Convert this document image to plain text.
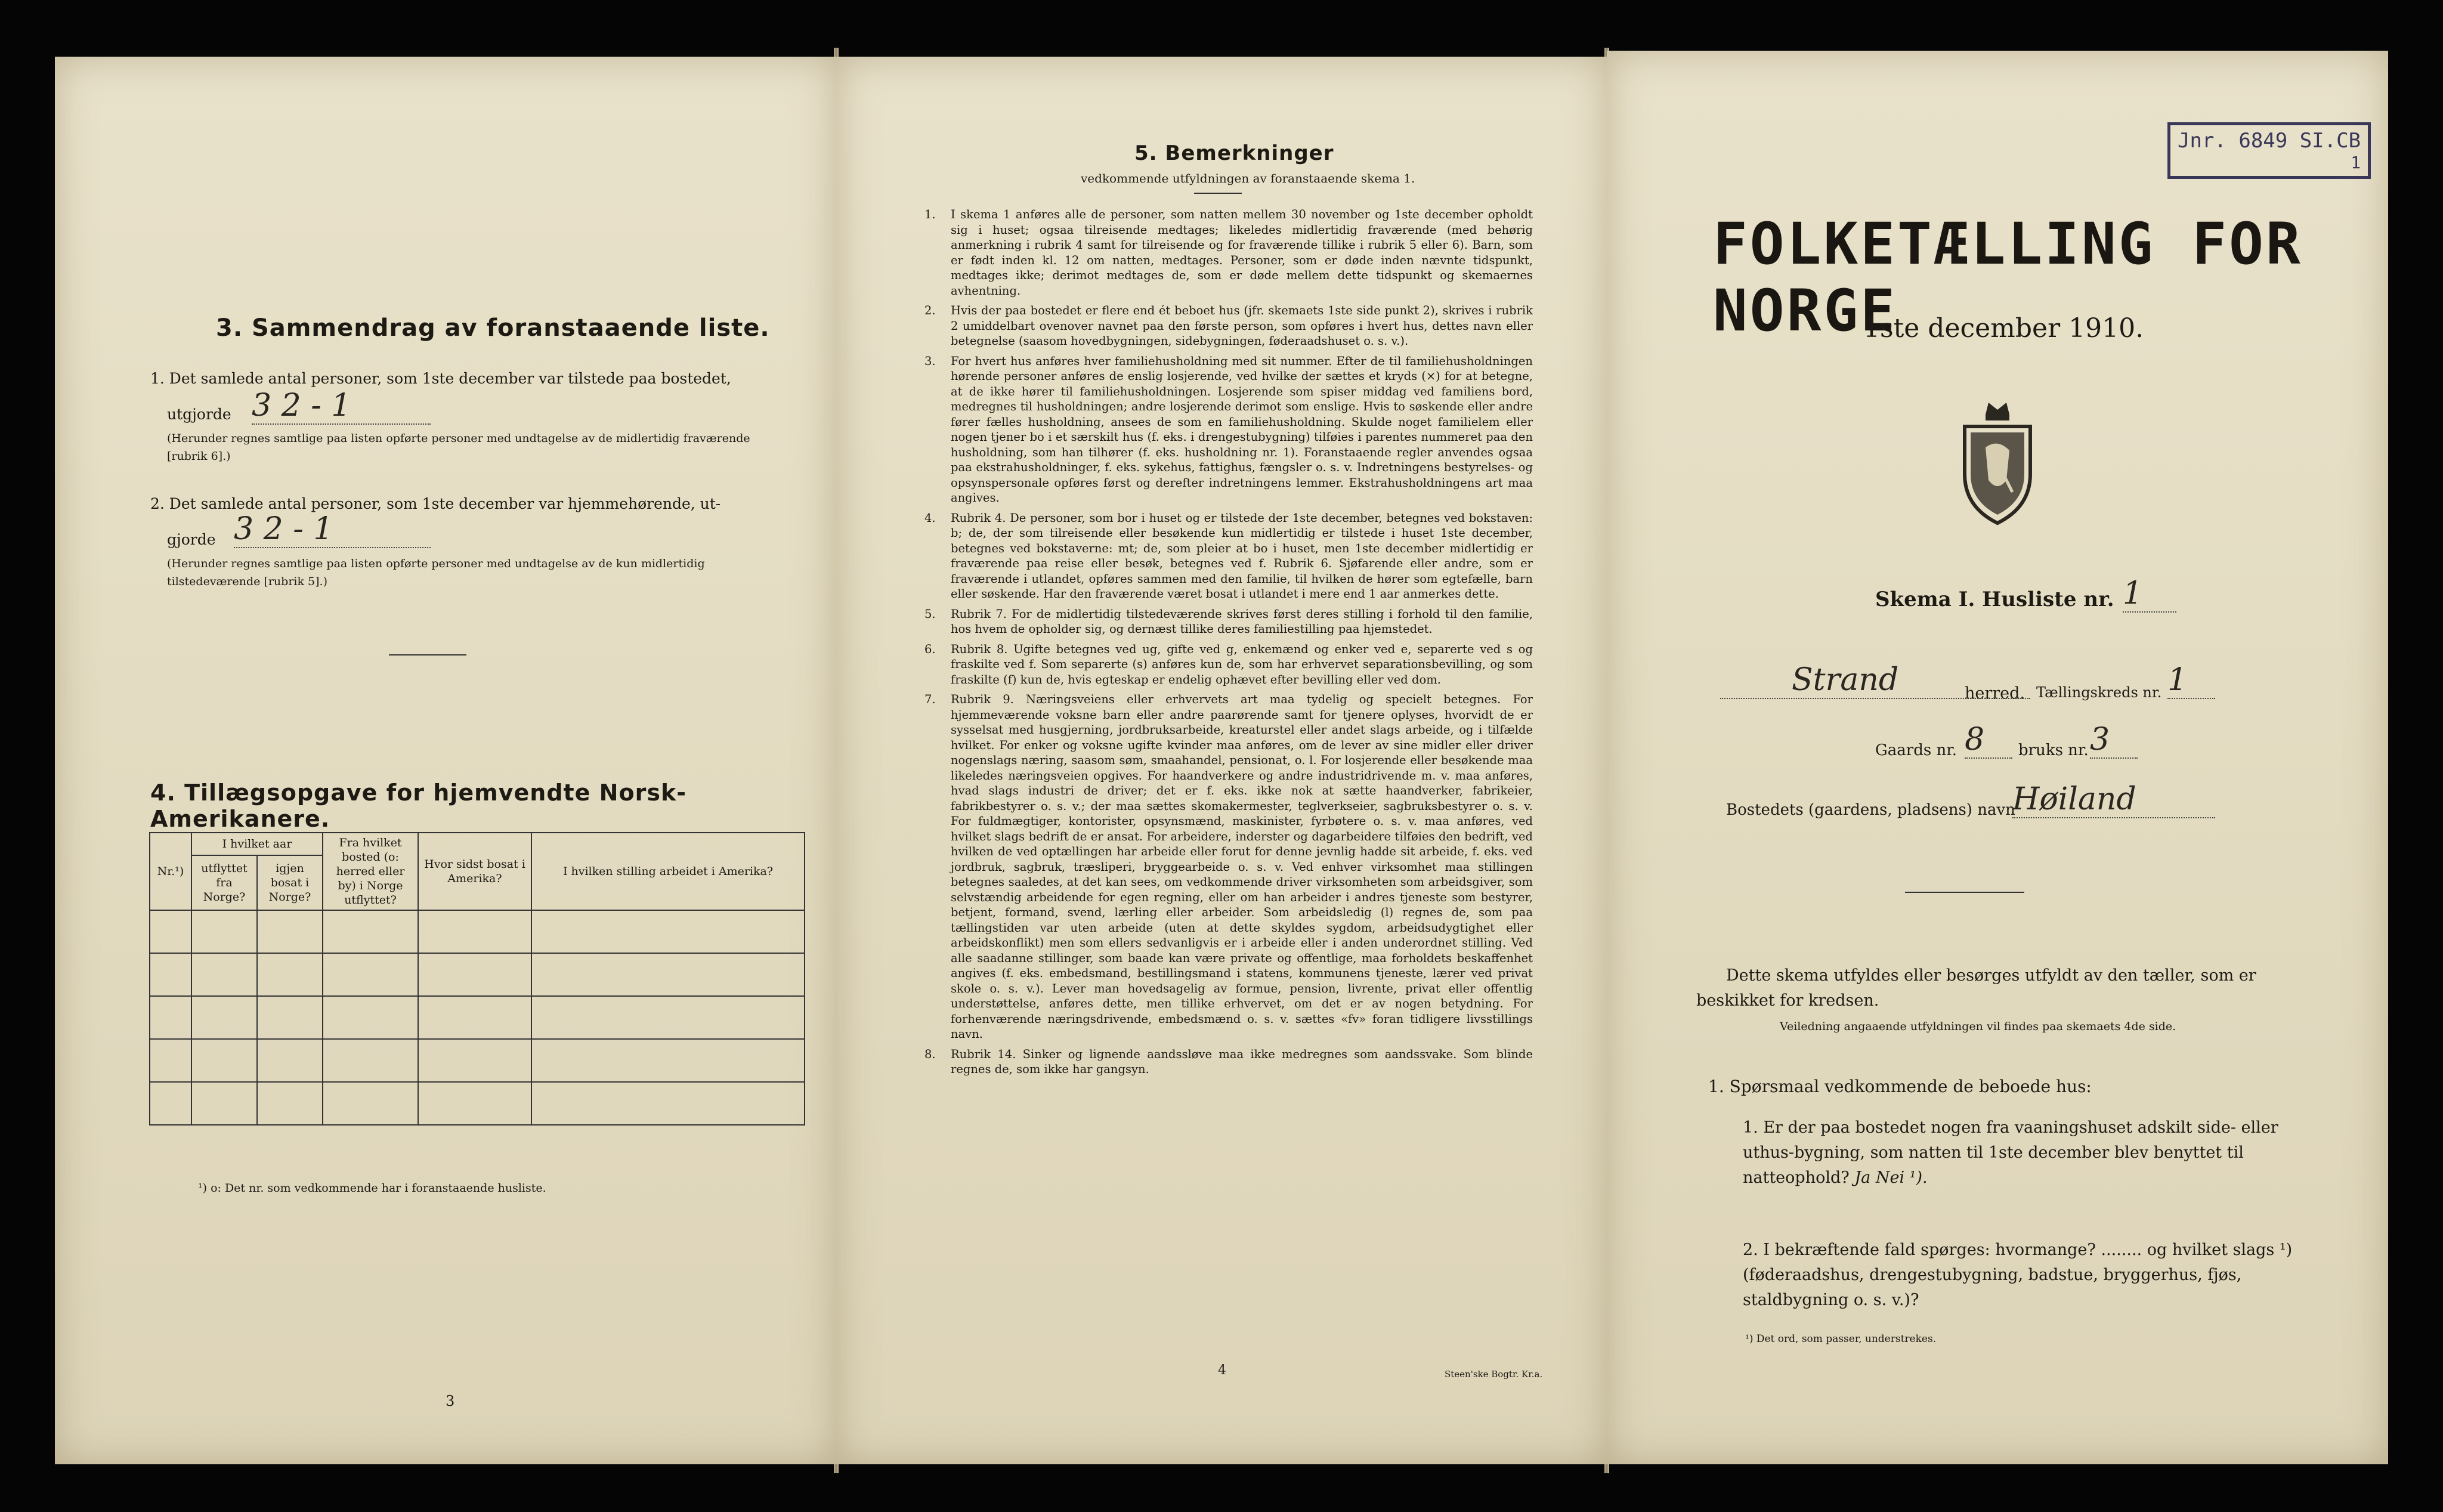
3. Sammendrag av foranstaaende liste.
1. Det samlede antal personer, som 1ste december var tilstede paa bostedet,
utgjorde 3 2 - 1
(Herunder regnes samtlige paa listen opførte personer med undtagelse av de midlertidig fraværende [rubrik 6].)
2. Det samlede antal personer, som 1ste december var hjemmehørende, ut-
gjorde 3 2 - 1
(Herunder regnes samtlige paa listen opførte personer med undtagelse av de kun midlertidig tilstedeværende [rubrik 5].)
4. Tillægsopgave for hjemvendte Norsk-Amerikanere.
Nr.¹)	I hvilket aar		Fra hvilket bosted (o: herred eller by) i Norge utflyttet?	Hvor sidst bosat i Amerika?	I hvilken stilling arbeidet i Amerika?
	utflyttet fra Norge?	igjen bosat i Norge?			

¹) o: Det nr. som vedkommende har i foranstaaende husliste.
3
5. Bemerkninger
vedkommende utfyldningen av foranstaaende skema 1.
1. I skema 1 anføres alle de personer, som natten mellem 30 november og 1ste december opholdt sig i huset; ogsaa tilreisende medtages; likeledes midlertidig fraværende (med behørig anmerkning i rubrik 4 samt for tilreisende og for fraværende tillike i rubrik 5 eller 6). Barn, som er født inden kl. 12 om natten, medtages. Personer, som er døde inden nævnte tidspunkt, medtages ikke; derimot medtages de, som er døde mellem dette tidspunkt og skemaernes avhentning.

2. Hvis der paa bostedet er flere end ét beboet hus (jfr. skemaets 1ste side punkt 2), skrives i rubrik 2 umiddelbart ovenover navnet paa den første person, som opføres i hvert hus, dettes navn eller betegnelse (saasom hovedbygningen, sidebygningen, føderaadshuset o. s. v.).

3. For hvert hus anføres hver familiehusholdning med sit nummer. Efter de til familiehusholdningen hørende personer anføres de enslig losjerende, ved hvilke der sættes et kryds (×) for at betegne, at de ikke hører til familiehusholdningen. Losjerende som spiser middag ved familiens bord, medregnes til husholdningen; andre losjerende derimot som enslige. Hvis to søskende eller andre fører fælles husholdning, ansees de som en familiehusholdning. Skulde noget familielem eller nogen tjener bo i et særskilt hus (f. eks. i drengestubygning) tilføies i parentes nummeret paa den husholdning, som han tilhører (f. eks. husholdning nr. 1). Foranstaaende regler anvendes ogsaa paa ekstrahusholdninger, f. eks. sykehus, fattighus, fængsler o. s. v. Indretningens bestyrelses- og opsynspersonale opføres først og derefter indretningens lemmer. Ekstrahusholdningens art maa angives.

4. Rubrik 4. De personer, som bor i huset og er tilstede der 1ste december, betegnes ved bokstaven: b; de, der som tilreisende eller besøkende kun midlertidig er tilstede i huset 1ste december, betegnes ved bokstaverne: mt; de, som pleier at bo i huset, men 1ste december midlertidig er fraværende paa reise eller besøk, betegnes ved f. Rubrik 6. Sjøfarende eller andre, som er fraværende i utlandet, opføres sammen med den familie, til hvilken de hører som egtefælle, barn eller søskende. Har den fraværende været bosat i utlandet i mere end 1 aar anmerkes dette.

5. Rubrik 7. For de midlertidig tilstedeværende skrives først deres stilling i forhold til den familie, hos hvem de opholder sig, og dernæst tillike deres familiestilling paa hjemstedet.

6. Rubrik 8. Ugifte betegnes ved ug, gifte ved g, enkemænd og enker ved e, separerte ved s og fraskilte ved f. Som separerte (s) anføres kun de, som har erhvervet separationsbevilling, og som fraskilte (f) kun de, hvis egteskap er endelig ophævet efter bevilling eller ved dom.

7. Rubrik 9. Næringsveiens eller erhvervets art maa tydelig og specielt betegnes. For hjemmeværende voksne barn eller andre paarørende samt for tjenere oplyses, hvorvidt de er sysselsat med husgjerning, jordbruksarbeide, kreaturstel eller andet slags arbeide, og i tilfælde hvilket. For enker og voksne ugifte kvinder maa anføres, om de lever av sine midler eller driver nogenslags næring, saasom søm, smaahandel, pensionat, o. l. For losjerende eller besøkende maa likeledes næringsveien opgives. For haandverkere og andre industridrivende m. v. maa anføres, hvad slags industri de driver; det er f. eks. ikke nok at sætte haandverker, fabrikeier, fabrikbestyrer o. s. v.; der maa sættes skomakermester, teglverkseier, sagbruksbestyrer o. s. v. For fuldmægtiger, kontorister, opsynsmænd, maskinister, fyrbøtere o. s. v. maa anføres, ved hvilket slags bedrift de er ansat. For arbeidere, inderster og dagarbeidere tilføies den bedrift, ved hvilken de ved optællingen har arbeide eller forut for denne jevnlig hadde sit arbeide, f. eks. ved jordbruk, sagbruk, træsliperi, bryggearbeide o. s. v. Ved enhver virksomhet maa stillingen betegnes saaledes, at det kan sees, om vedkommende driver virksomheten som arbeidsgiver, som selvstændig arbeidende for egen regning, eller om han arbeider i andres tjeneste som bestyrer, betjent, formand, svend, lærling eller arbeider. Som arbeidsledig (l) regnes de, som paa tællingstiden var uten arbeide (uten at dette skyldes sygdom, arbeidsudygtighet eller arbeidskonflikt) men som ellers sedvanligvis er i arbeide eller i anden underordnet stilling. Ved alle saadanne stillinger, som baade kan være private og offentlige, maa forholdets beskaffenhet angives (f. eks. embedsmand, bestillingsmand i statens, kommunens tjeneste, lærer ved privat skole o. s. v.). Lever man hovedsagelig av formue, pension, livrente, privat eller offentlig understøttelse, anføres dette, men tillike erhvervet, om det er av nogen betydning. For forhenværende næringsdrivende, embedsmænd o. s. v. sættes «fv» foran tidligere livsstillings navn.

8. Rubrik 14. Sinker og lignende aandssløve maa ikke medregnes som aandssvake. Som blinde regnes de, som ikke har gangsyn.

4	Steen'ske Bogtr. Kr.a.
Jnr. 6849 SI.CB
1
FOLKETÆLLING FOR NORGE
1ste december 1910.
Skema I. Husliste nr. 1
Strand	herred. Tællingskreds nr. 1
Gaards nr. 8	bruks nr. 3
Bostedets (gaardens, pladsens) navn
Høiland
Dette skema utfyldes eller besørges utfyldt av den tæller, som er beskikket for kredsen.
Veiledning angaaende utfyldningen vil findes paa skemaets 4de side.
1. Spørsmaal vedkommende de beboede hus:
1. Er der paa bostedet nogen fra vaaningshuset adskilt side- eller uthus-bygning, som natten til 1ste december blev benyttet til natteophold? Ja Nei ¹).
2. I bekræftende fald spørges: hvormange? ........ og hvilket slags ¹) (føderaadshus, drengestubygning, badstue, bryggerhus, fjøs, staldbygning o. s. v.)?
¹) Det ord, som passer, understrekes.
